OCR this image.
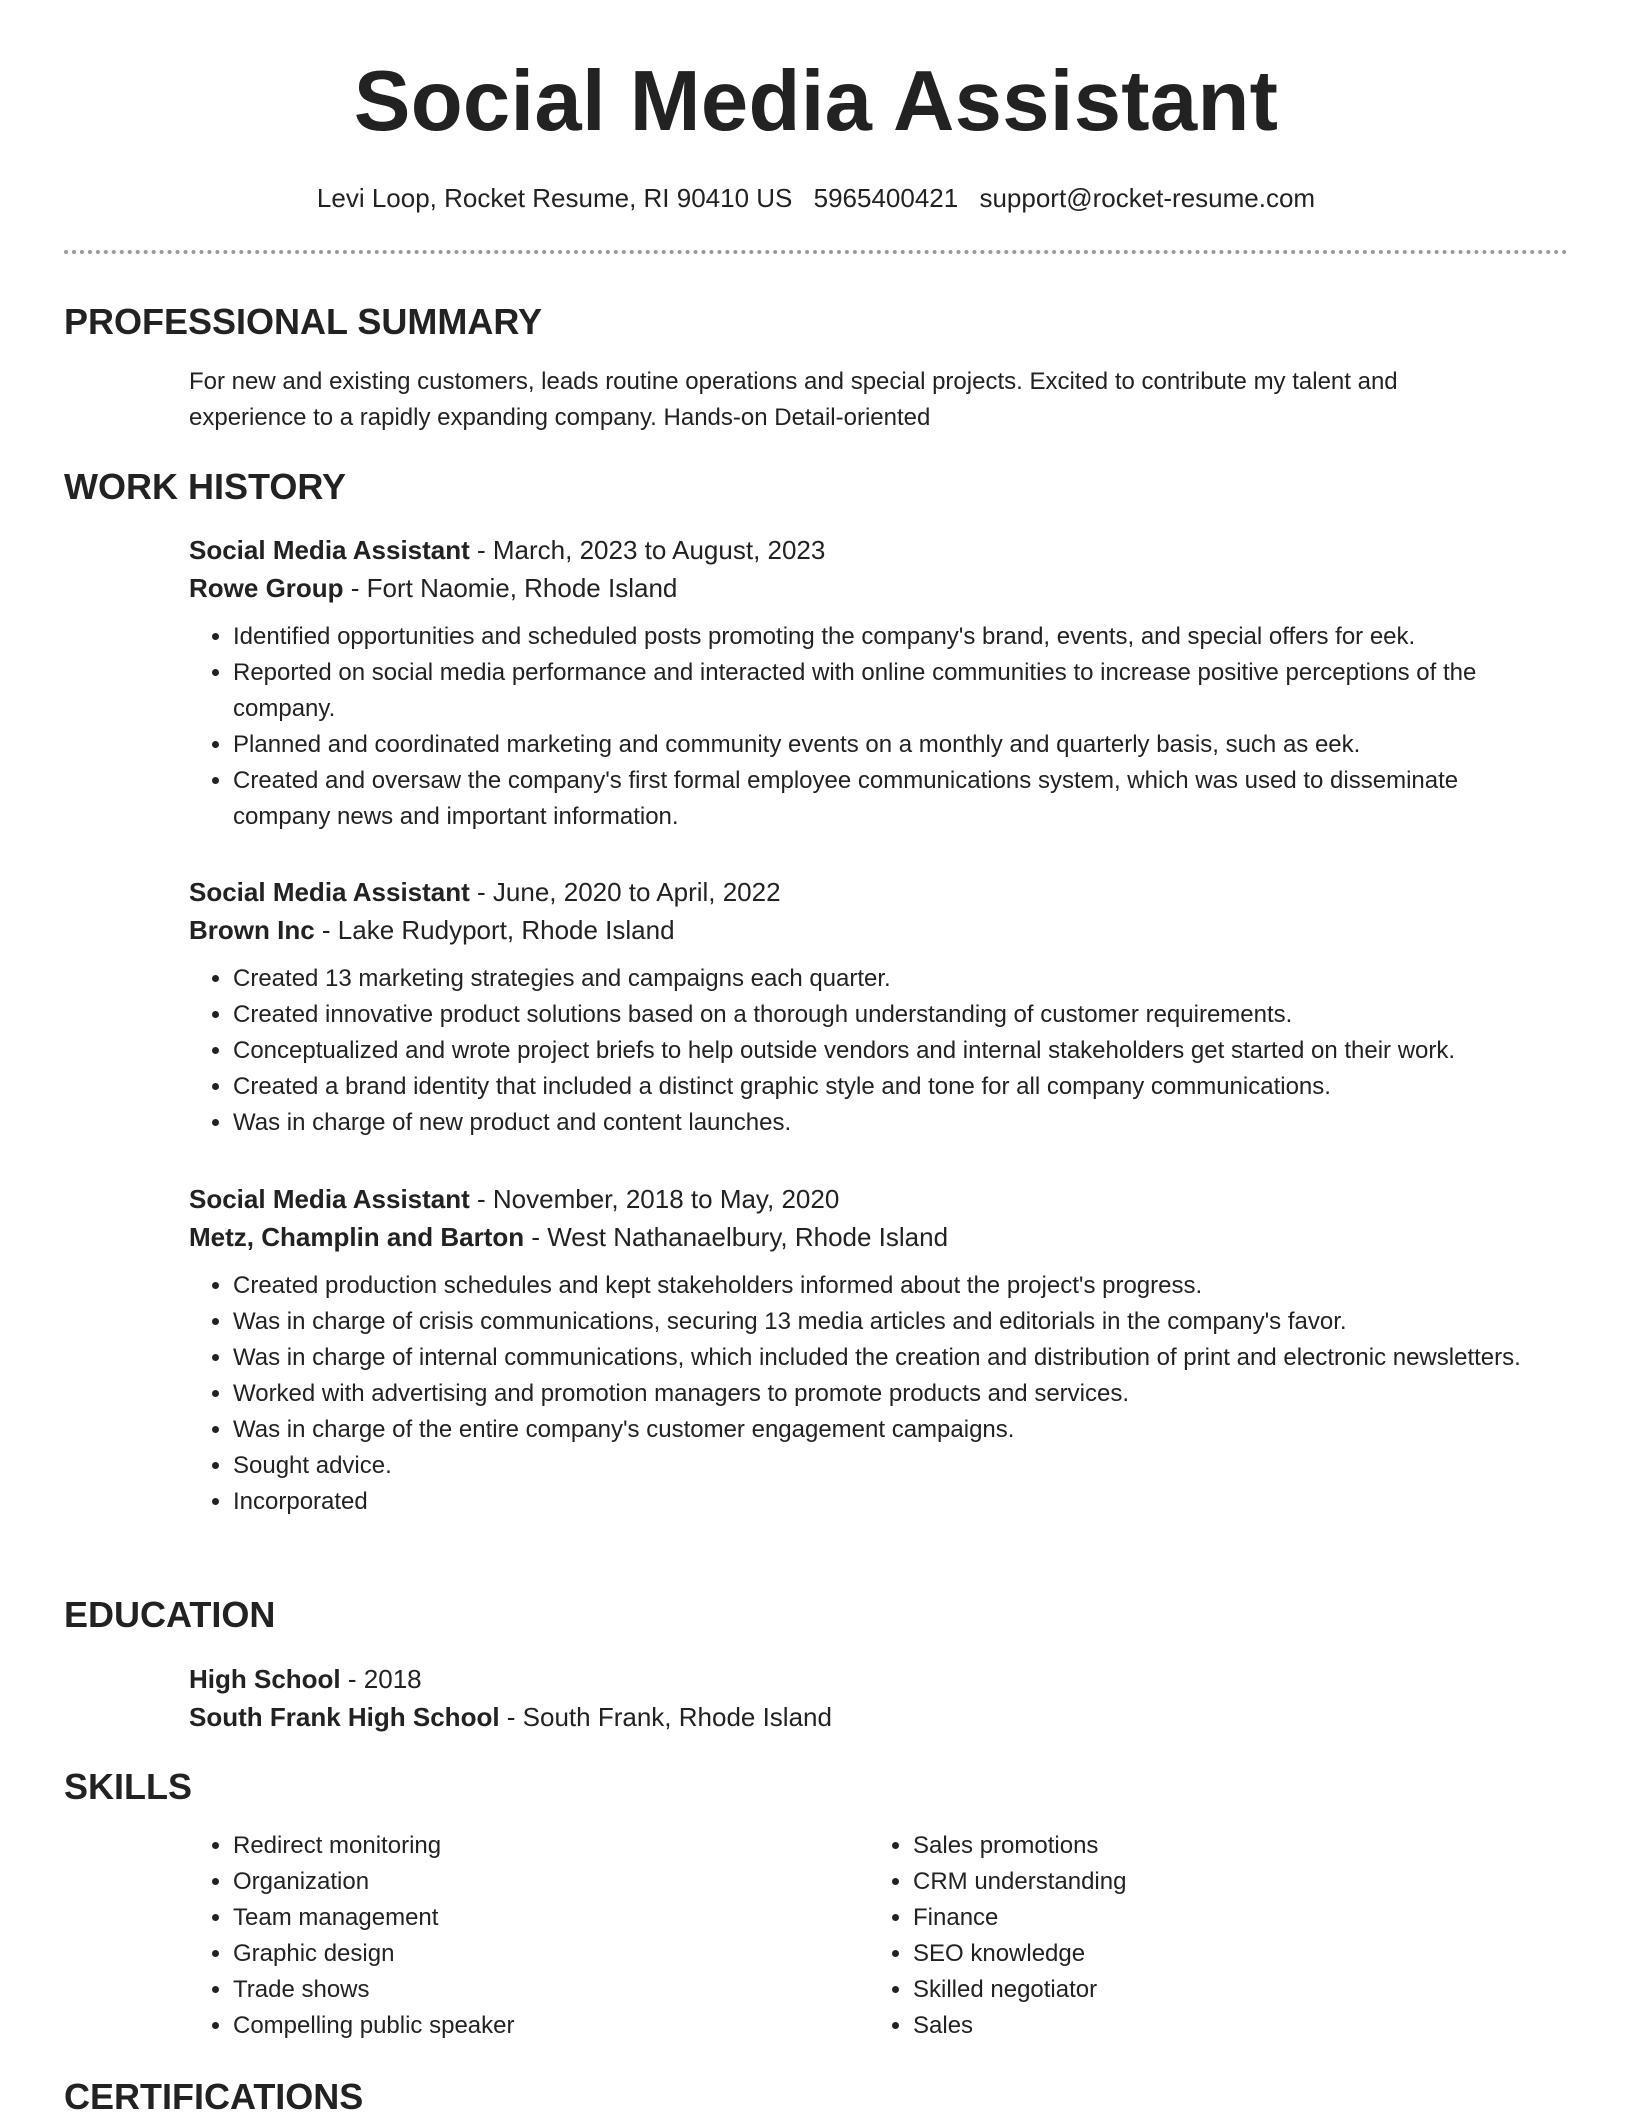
Social Media Assistant
Levi Loop, Rocket Resume, RI 90410 US 5965400421 support@rocket-resume.com
PROFESSIONAL SUMMARY

For new and existing customers, leads routine operations and special projects. Excited to contribute my talent and experience to a rapidly expanding company. Hands-on Detail-oriented

WORK HISTORY

Social Media Assistant - March, 2023 to August, 2023

Rowe Group - Fort Naomie, Rhode Island

• Identified opportunities and scheduled posts promoting the company's brand, events, and special offers for eek.
• Reported on social media performance and interacted with online communities to increase positive perceptions of the company.
• Planned and coordinated marketing and community events on a monthly and quarterly basis, such as eek.
• Created and oversaw the company's first formal employee communications system, which was used to disseminate company news and important information.

Social Media Assistant - June, 2020 to April, 2022

Brown Inc - Lake Rudyport, Rhode Island

• Created 13 marketing strategies and campaigns each quarter.
• Created innovative product solutions based on a thorough understanding of customer requirements.
• Conceptualized and wrote project briefs to help outside vendors and internal stakeholders get started on their work.
• Created a brand identity that included a distinct graphic style and tone for all company communications.
• Was in charge of new product and content launches.

Social Media Assistant - November, 2018 to May, 2020

Metz, Champlin and Barton - West Nathanaelbury, Rhode Island

• Created production schedules and kept stakeholders informed about the project's progress.
• Was in charge of crisis communications, securing 13 media articles and editorials in the company's favor.
• Was in charge of internal communications, which included the creation and distribution of print and electronic newsletters.
• Worked with advertising and promotion managers to promote products and services.
• Was in charge of the entire company's customer engagement campaigns.
• Sought advice.
• Incorporated
EDUCATION

High School - 2018

South Frank High School - South Frank, Rhode Island

SKILLS
• Redirect monitoring
• Organization
• Team management
• Graphic design
• Trade shows
• Compelling public speaker
• Sales promotions
• CRM understanding
• Finance
• SEO knowledge
• Skilled negotiator
• Sales
CERTIFICATIONS
